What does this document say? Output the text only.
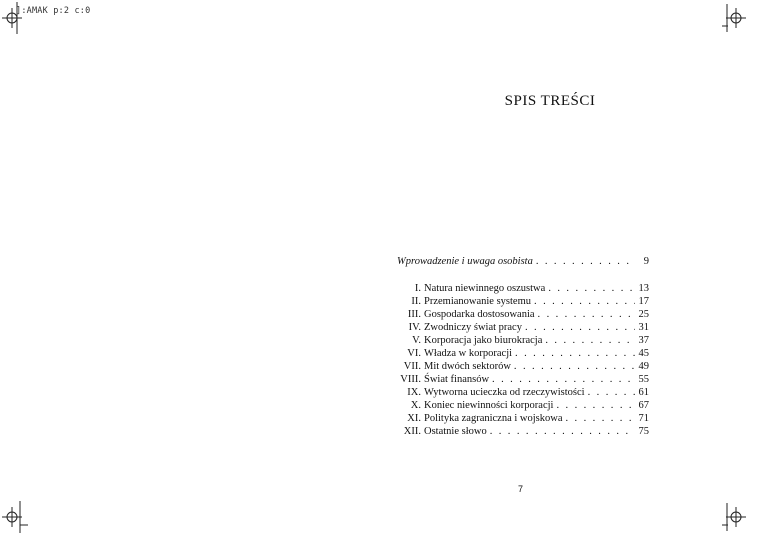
]:AMAK p:2 c:0
SPIS TREŚCI
Wprowadzenie i uwaga osobista . . .	9
I. Natura niewinnego oszustwa . . .	13
II. Przemianowanie systemu . . .	17
III. Gospodarka dostosowania . . .	25
IV. Zwodniczy świat pracy . . .	31
V. Korporacja jako biurokracja . . .	37
VI. Władza w korporacji . . .	45
VII. Mit dwóch sektorów . . .	49
VIII. Świat finansów . . .	55
IX. Wytworna ucieczka od rzeczywistości . . .	61
X. Koniec niewinności korporacji . . .	67
XI. Polityka zagraniczna i wojskowa . . .	71
XII. Ostatnie słowo . . .	75
7
